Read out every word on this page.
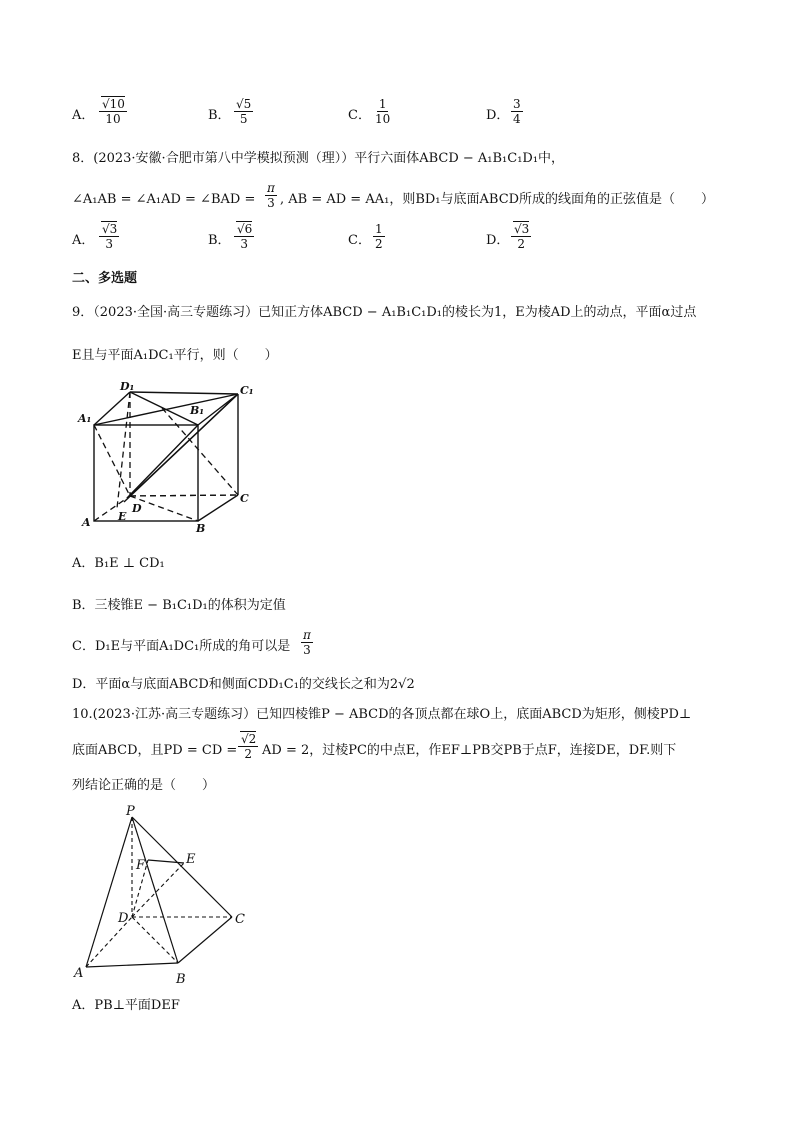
A． $\frac{√10}{10}$	B． $\frac{√5}{5}$	C． $\frac{1}{10}$	D． $\frac{3}{4}$
8．(2023·安徽·合肥市第八中学模拟预测（理））平行六面体ABCD − A₁B₁C₁D₁中，
∠A₁AB = ∠A₁AD = ∠BAD = $\frac{\pi}{3}$ , AB = AD = AA₁，则BD₁与底面ABCD所成的线面角的正弦值是（　　）
A． $\frac{√3}{3}$	B． $\frac{√6}{3}$	C． $\frac{1}{2}$	D． $\frac{√3}{2}$
二、多选题
9．（2023·全国·高三专题练习）已知正方体ABCD − A₁B₁C₁D₁的棱长为1，E为棱AD上的动点，平面α过点
E且与平面A₁DC₁平行，则（　　）
D₁	C₁
A₁
B₁
D
C
A E
B
A．B₁E ⊥ CD₁
B．三棱锥E − B₁C₁D₁的体积为定值
C．D₁E与平面A₁DC₁所成的角可以是 $\frac{\pi}{3}$
D．平面α与底面ABCD和侧面CDD₁C₁的交线长之和为2√2
10.(2023·江苏·高三专题练习）已知四棱锥P − ABCD的各顶点都在球O上，底面ABCD为矩形，侧棱PD⊥
底面ABCD，且PD = CD = $\frac{√2}{2}$ AD = 2，过棱PC的中点E，作EF⊥PB交PB于点F，连接DE，DF.则下
列结论正确的是（　　）
P
F	E
D	C
A	B
A．PB⊥平面DEF
